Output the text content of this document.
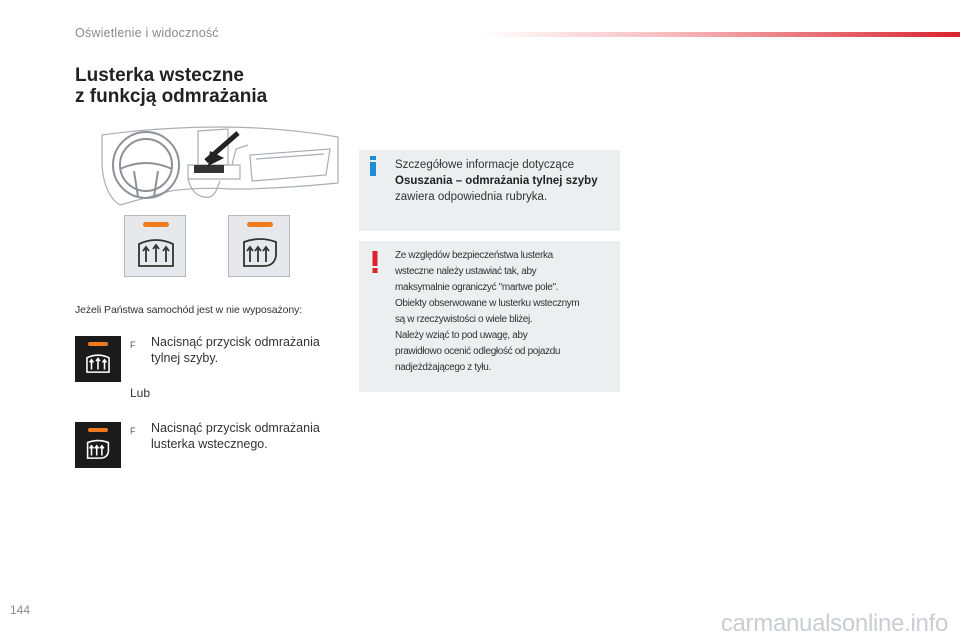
Oświetlenie i widoczność
Lusterka wsteczne
z funkcją odmrażania

Jeżeli Państwa samochód jest w nie wyposażony:

F	Nacisnąć przycisk odmrażania tylnej szyby.
Lub
F	Nacisnąć przycisk odmrażania lusterka wstecznego.

Szczegółowe informacje dotyczące Osuszania – odmrażania tylnej szyby zawiera odpowiednia rubryka.

Ze względów bezpieczeństwa lusterka
wsteczne należy ustawiać tak, aby
maksymalnie ograniczyć "martwe pole".
Obiekty obserwowane w lusterku wstecznym
są w rzeczywistości o wiele bliżej.
Należy wziąć to pod uwagę, aby
prawidłowo ocenić odległość od pojazdu
nadjeżdżającego z tyłu.
144	carmanualsonline.info
